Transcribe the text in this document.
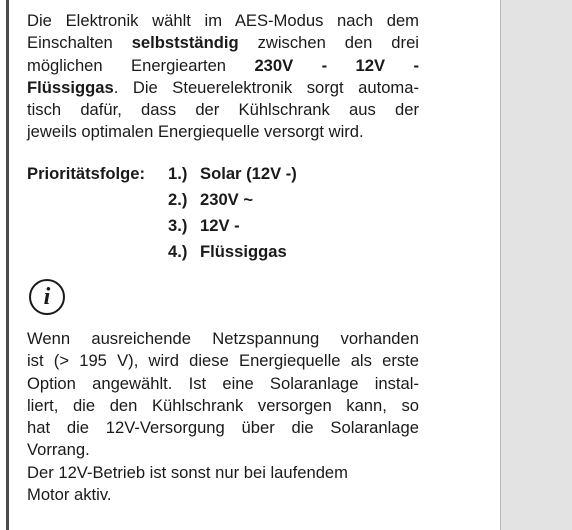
Die Elektronik wählt im AES-Modus nach dem

Einschalten selbstständig zwischen den drei

möglichen Energiearten 230V - 12V -

Flüssiggas. Die Steuerelektronik sorgt automa-

tisch dafür, dass der Kühlschrank aus der

jeweils optimalen Energiequelle versorgt wird.

Prioritätsfolge:	1.) Solar (12V -)
2.) 230V ~
3.) 12V -
4.) Flüssiggas
i

Wenn ausreichende Netzspannung vorhanden

ist (> 195 V), wird diese Energiequelle als erste

Option angewählt. Ist eine Solaranlage instal-

liert, die den Kühlschrank versorgen kann, so

hat die 12V-Versorgung über die Solaranlage

Vorrang.

Der 12V-Betrieb ist sonst nur bei laufendem

Motor aktiv.
